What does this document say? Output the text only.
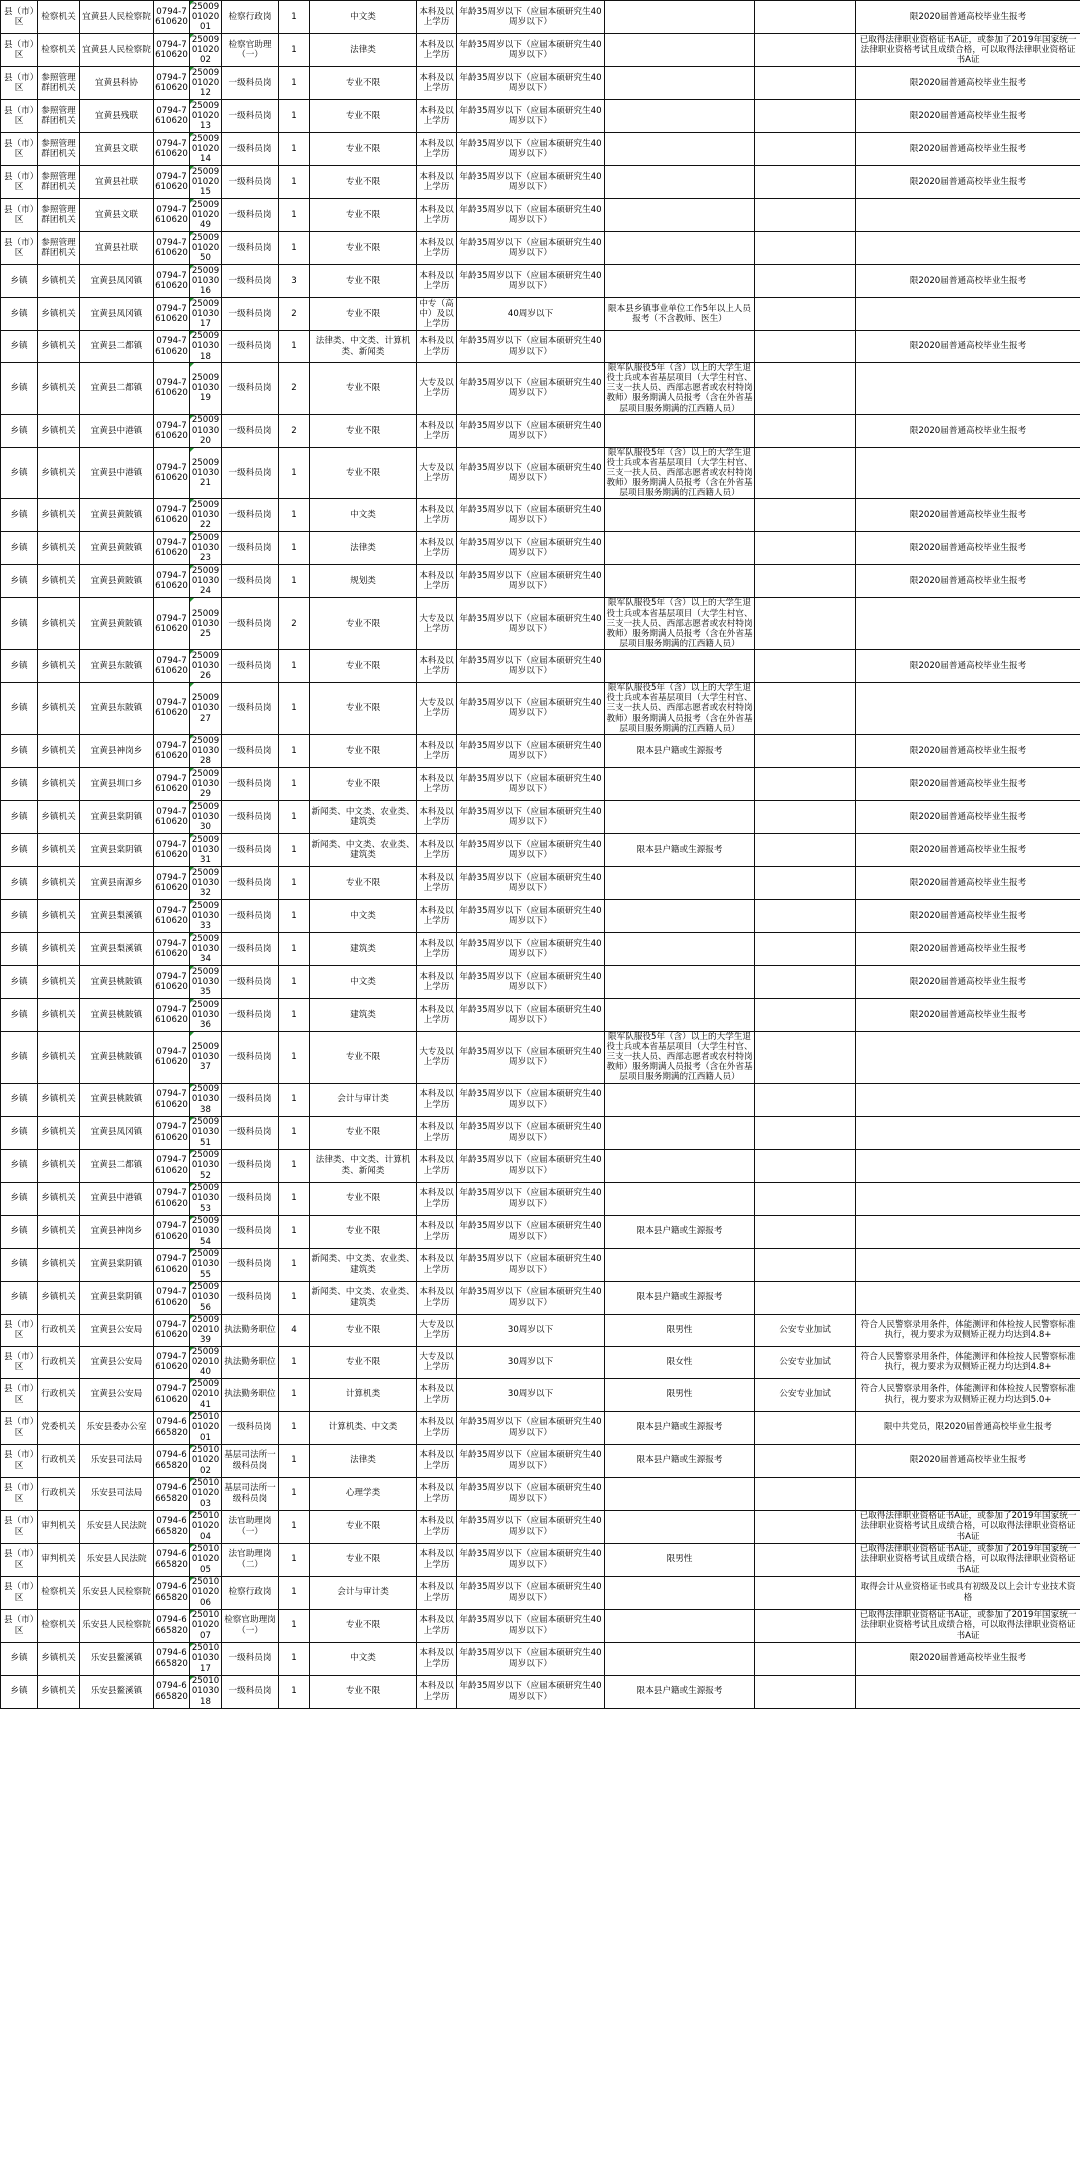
县（市）区	检察机关	宜黄县人民检察院	0794-7610620	250090102001	检察行政岗	1	中文类	本科及以上学历	年龄35周岁以下（应届本硕研究生40周岁以下）			限2020届普通高校毕业生报考
县（市）区	检察机关	宜黄县人民检察院	0794-7610620	250090102002	检察官助理（一）	1	法律类	本科及以上学历	年龄35周岁以下（应届本硕研究生40周岁以下）			已取得法律职业资格证书A证，或参加了2019年国家统一法律职业资格考试且成绩合格，可以取得法律职业资格证书A证
县（市）区	参照管理群团机关	宜黄县科协	0794-7610620	250090102012	一级科员岗	1	专业不限	本科及以上学历	年龄35周岁以下（应届本硕研究生40周岁以下）			限2020届普通高校毕业生报考
县（市）区	参照管理群团机关	宜黄县残联	0794-7610620	250090102013	一级科员岗	1	专业不限	本科及以上学历	年龄35周岁以下（应届本硕研究生40周岁以下）			限2020届普通高校毕业生报考
县（市）区	参照管理群团机关	宜黄县文联	0794-7610620	250090102014	一级科员岗	1	专业不限	本科及以上学历	年龄35周岁以下（应届本硕研究生40周岁以下）			限2020届普通高校毕业生报考
县（市）区	参照管理群团机关	宜黄县社联	0794-7610620	250090102015	一级科员岗	1	专业不限	本科及以上学历	年龄35周岁以下（应届本硕研究生40周岁以下）			限2020届普通高校毕业生报考
县（市）区	参照管理群团机关	宜黄县文联	0794-7610620	250090102049	一级科员岗	1	专业不限	本科及以上学历	年龄35周岁以下（应届本硕研究生40周岁以下）			
县（市）区	参照管理群团机关	宜黄县社联	0794-7610620	250090102050	一级科员岗	1	专业不限	本科及以上学历	年龄35周岁以下（应届本硕研究生40周岁以下）			
乡镇	乡镇机关	宜黄县凤冈镇	0794-7610620	250090103016	一级科员岗	3	专业不限	本科及以上学历	年龄35周岁以下（应届本硕研究生40周岁以下）			限2020届普通高校毕业生报考
乡镇	乡镇机关	宜黄县凤冈镇	0794-7610620	250090103017	一级科员岗	2	专业不限	中专（高中）及以上学历	40周岁以下	限本县乡镇事业单位工作5年以上人员报考（不含教师、医生）		
乡镇	乡镇机关	宜黄县二都镇	0794-7610620	250090103018	一级科员岗	1	法律类、中文类、计算机类、新闻类	本科及以上学历	年龄35周岁以下（应届本硕研究生40周岁以下）			限2020届普通高校毕业生报考
乡镇	乡镇机关	宜黄县二都镇	0794-7610620	250090103019	一级科员岗	2	专业不限	大专及以上学历	年龄35周岁以下（应届本硕研究生40周岁以下）	限军队服役5年（含）以上的大学生退役士兵或本省基层项目（大学生村官、三支一扶人员、西部志愿者或农村特岗教师）服务期满人员报考（含在外省基层项目服务期满的江西籍人员）		
乡镇	乡镇机关	宜黄县中港镇	0794-7610620	250090103020	一级科员岗	2	专业不限	本科及以上学历	年龄35周岁以下（应届本硕研究生40周岁以下）			限2020届普通高校毕业生报考
乡镇	乡镇机关	宜黄县中港镇	0794-7610620	250090103021	一级科员岗	1	专业不限	大专及以上学历	年龄35周岁以下（应届本硕研究生40周岁以下）	限军队服役5年（含）以上的大学生退役士兵或本省基层项目（大学生村官、三支一扶人员、西部志愿者或农村特岗教师）服务期满人员报考（含在外省基层项目服务期满的江西籍人员）		
乡镇	乡镇机关	宜黄县黄陂镇	0794-7610620	250090103022	一级科员岗	1	中文类	本科及以上学历	年龄35周岁以下（应届本硕研究生40周岁以下）			限2020届普通高校毕业生报考
乡镇	乡镇机关	宜黄县黄陂镇	0794-7610620	250090103023	一级科员岗	1	法律类	本科及以上学历	年龄35周岁以下（应届本硕研究生40周岁以下）			限2020届普通高校毕业生报考
乡镇	乡镇机关	宜黄县黄陂镇	0794-7610620	250090103024	一级科员岗	1	规划类	本科及以上学历	年龄35周岁以下（应届本硕研究生40周岁以下）			限2020届普通高校毕业生报考
乡镇	乡镇机关	宜黄县黄陂镇	0794-7610620	250090103025	一级科员岗	2	专业不限	大专及以上学历	年龄35周岁以下（应届本硕研究生40周岁以下）	限军队服役5年（含）以上的大学生退役士兵或本省基层项目（大学生村官、三支一扶人员、西部志愿者或农村特岗教师）服务期满人员报考（含在外省基层项目服务期满的江西籍人员）		
乡镇	乡镇机关	宜黄县东陂镇	0794-7610620	250090103026	一级科员岗	1	专业不限	本科及以上学历	年龄35周岁以下（应届本硕研究生40周岁以下）			限2020届普通高校毕业生报考
乡镇	乡镇机关	宜黄县东陂镇	0794-7610620	250090103027	一级科员岗	1	专业不限	大专及以上学历	年龄35周岁以下（应届本硕研究生40周岁以下）	限军队服役5年（含）以上的大学生退役士兵或本省基层项目（大学生村官、三支一扶人员、西部志愿者或农村特岗教师）服务期满人员报考（含在外省基层项目服务期满的江西籍人员）		
乡镇	乡镇机关	宜黄县神岗乡	0794-7610620	250090103028	一级科员岗	1	专业不限	本科及以上学历	年龄35周岁以下（应届本硕研究生40周岁以下）	限本县户籍或生源报考		限2020届普通高校毕业生报考
乡镇	乡镇机关	宜黄县圳口乡	0794-7610620	250090103029	一级科员岗	1	专业不限	本科及以上学历	年龄35周岁以下（应届本硕研究生40周岁以下）			限2020届普通高校毕业生报考
乡镇	乡镇机关	宜黄县棠阴镇	0794-7610620	250090103030	一级科员岗	1	新闻类、中文类、农业类、建筑类	本科及以上学历	年龄35周岁以下（应届本硕研究生40周岁以下）			限2020届普通高校毕业生报考
乡镇	乡镇机关	宜黄县棠阴镇	0794-7610620	250090103031	一级科员岗	1	新闻类、中文类、农业类、建筑类	本科及以上学历	年龄35周岁以下（应届本硕研究生40周岁以下）	限本县户籍或生源报考		限2020届普通高校毕业生报考
乡镇	乡镇机关	宜黄县南源乡	0794-7610620	250090103032	一级科员岗	1	专业不限	本科及以上学历	年龄35周岁以下（应届本硕研究生40周岁以下）			限2020届普通高校毕业生报考
乡镇	乡镇机关	宜黄县梨溪镇	0794-7610620	250090103033	一级科员岗	1	中文类	本科及以上学历	年龄35周岁以下（应届本硕研究生40周岁以下）			限2020届普通高校毕业生报考
乡镇	乡镇机关	宜黄县梨溪镇	0794-7610620	250090103034	一级科员岗	1	建筑类	本科及以上学历	年龄35周岁以下（应届本硕研究生40周岁以下）			限2020届普通高校毕业生报考
乡镇	乡镇机关	宜黄县桃陂镇	0794-7610620	250090103035	一级科员岗	1	中文类	本科及以上学历	年龄35周岁以下（应届本硕研究生40周岁以下）			限2020届普通高校毕业生报考
乡镇	乡镇机关	宜黄县桃陂镇	0794-7610620	250090103036	一级科员岗	1	建筑类	本科及以上学历	年龄35周岁以下（应届本硕研究生40周岁以下）			限2020届普通高校毕业生报考
乡镇	乡镇机关	宜黄县桃陂镇	0794-7610620	250090103037	一级科员岗	1	专业不限	大专及以上学历	年龄35周岁以下（应届本硕研究生40周岁以下）	限军队服役5年（含）以上的大学生退役士兵或本省基层项目（大学生村官、三支一扶人员、西部志愿者或农村特岗教师）服务期满人员报考（含在外省基层项目服务期满的江西籍人员）		
乡镇	乡镇机关	宜黄县桃陂镇	0794-7610620	250090103038	一级科员岗	1	会计与审计类	本科及以上学历	年龄35周岁以下（应届本硕研究生40周岁以下）			
乡镇	乡镇机关	宜黄县凤冈镇	0794-7610620	250090103051	一级科员岗	1	专业不限	本科及以上学历	年龄35周岁以下（应届本硕研究生40周岁以下）			
乡镇	乡镇机关	宜黄县二都镇	0794-7610620	250090103052	一级科员岗	1	法律类、中文类、计算机类、新闻类	本科及以上学历	年龄35周岁以下（应届本硕研究生40周岁以下）			
乡镇	乡镇机关	宜黄县中港镇	0794-7610620	250090103053	一级科员岗	1	专业不限	本科及以上学历	年龄35周岁以下（应届本硕研究生40周岁以下）			
乡镇	乡镇机关	宜黄县神岗乡	0794-7610620	250090103054	一级科员岗	1	专业不限	本科及以上学历	年龄35周岁以下（应届本硕研究生40周岁以下）	限本县户籍或生源报考		
乡镇	乡镇机关	宜黄县棠阴镇	0794-7610620	250090103055	一级科员岗	1	新闻类、中文类、农业类、建筑类	本科及以上学历	年龄35周岁以下（应届本硕研究生40周岁以下）			
乡镇	乡镇机关	宜黄县棠阴镇	0794-7610620	250090103056	一级科员岗	1	新闻类、中文类、农业类、建筑类	本科及以上学历	年龄35周岁以下（应届本硕研究生40周岁以下）	限本县户籍或生源报考		
县（市）区	行政机关	宜黄县公安局	0794-7610620	250090201039	执法勤务职位	4	专业不限	大专及以上学历	30周岁以下	限男性	公安专业加试	符合人民警察录用条件，体能测评和体检按人民警察标准执行，视力要求为双侧矫正视力均达到4.8+
县（市）区	行政机关	宜黄县公安局	0794-7610620	250090201040	执法勤务职位	1	专业不限	大专及以上学历	30周岁以下	限女性	公安专业加试	符合人民警察录用条件，体能测评和体检按人民警察标准执行，视力要求为双侧矫正视力均达到4.8+
县（市）区	行政机关	宜黄县公安局	0794-7610620	250090201041	执法勤务职位	1	计算机类	本科及以上学历	30周岁以下	限男性	公安专业加试	符合人民警察录用条件，体能测评和体检按人民警察标准执行，视力要求为双侧矫正视力均达到5.0+
县（市）区	党委机关	乐安县委办公室	0794-6665820	250100102001	一级科员岗	1	计算机类、中文类	本科及以上学历	年龄35周岁以下（应届本硕研究生40周岁以下）	限本县户籍或生源报考		限中共党员，限2020届普通高校毕业生报考
县（市）区	行政机关	乐安县司法局	0794-6665820	250100102002	基层司法所一级科员岗	1	法律类	本科及以上学历	年龄35周岁以下（应届本硕研究生40周岁以下）	限本县户籍或生源报考		限2020届普通高校毕业生报考
县（市）区	行政机关	乐安县司法局	0794-6665820	250100102003	基层司法所一级科员岗	1	心理学类	本科及以上学历	年龄35周岁以下（应届本硕研究生40周岁以下）			
县（市）区	审判机关	乐安县人民法院	0794-6665820	250100102004	法官助理岗（一）	1	专业不限	本科及以上学历	年龄35周岁以下（应届本硕研究生40周岁以下）			已取得法律职业资格证书A证，或参加了2019年国家统一法律职业资格考试且成绩合格，可以取得法律职业资格证书A证
县（市）区	审判机关	乐安县人民法院	0794-6665820	250100102005	法官助理岗（二）	1	专业不限	本科及以上学历	年龄35周岁以下（应届本硕研究生40周岁以下）	限男性		已取得法律职业资格证书A证，或参加了2019年国家统一法律职业资格考试且成绩合格，可以取得法律职业资格证书A证
县（市）区	检察机关	乐安县人民检察院	0794-6665820	250100102006	检察行政岗	1	会计与审计类	本科及以上学历	年龄35周岁以下（应届本硕研究生40周岁以下）			取得会计从业资格证书或具有初级及以上会计专业技术资格
县（市）区	检察机关	乐安县人民检察院	0794-6665820	250100102007	检察官助理岗（一）	1	专业不限	本科及以上学历	年龄35周岁以下（应届本硕研究生40周岁以下）			已取得法律职业资格证书A证，或参加了2019年国家统一法律职业资格考试且成绩合格，可以取得法律职业资格证书A证
乡镇	乡镇机关	乐安县鳌溪镇	0794-6665820	250100103017	一级科员岗	1	中文类	本科及以上学历	年龄35周岁以下（应届本硕研究生40周岁以下）			限2020届普通高校毕业生报考
乡镇	乡镇机关	乐安县鳌溪镇	0794-6665820	250100103018	一级科员岗	1	专业不限	本科及以上学历	年龄35周岁以下（应届本硕研究生40周岁以下）	限本县户籍或生源报考		
